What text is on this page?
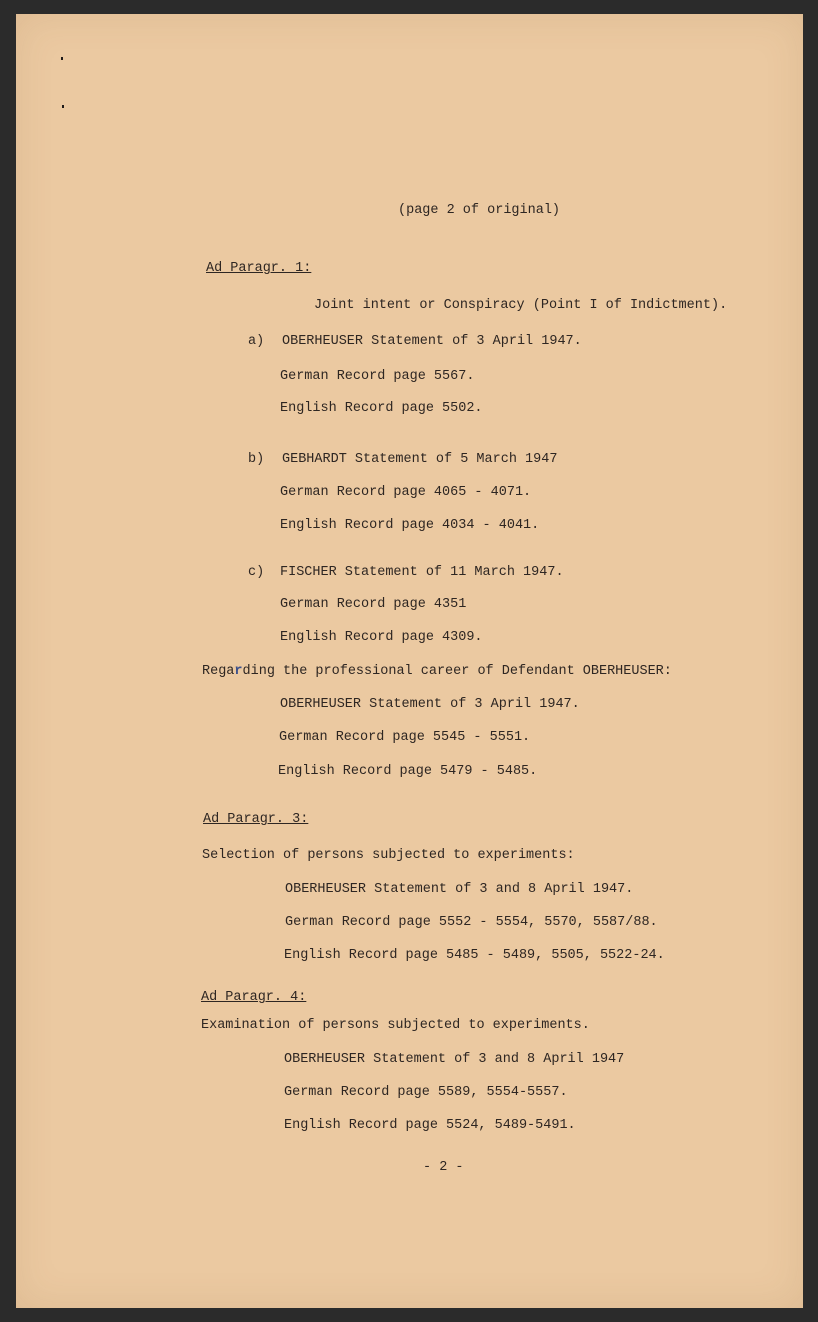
(page 2 of original)
Ad Paragr. 1:
Joint intent or Conspiracy (Point I of Indictment).
a) OBERHEUSER Statement of 3 April 1947.
German Record page 5567.
English Record page 5502.
b) GEBHARDT Statement of 5 March 1947
German Record page 4065 - 4071.
English Record page 4034 - 4041.
c) FISCHER Statement of 11 March 1947.
German Record page 4351
English Record page 4309.
Regarding the professional career of Defendant OBERHEUSER:
OBERHEUSER Statement of 3 April 1947.
German Record page 5545 - 5551.
English Record page 5479 - 5485.
Ad Paragr. 3:
Selection of persons subjected to experiments:
OBERHEUSER Statement of 3 and 8 April 1947.
German Record page 5552 - 5554, 5570, 5587/88.
English Record page 5485 - 5489, 5505, 5522-24.
Ad Paragr. 4:
Examination of persons subjected to experiments.
OBERHEUSER Statement of 3 and 8 April 1947
German Record page 5589, 5554-5557.
English Record page 5524, 5489-5491.
- 2 -
